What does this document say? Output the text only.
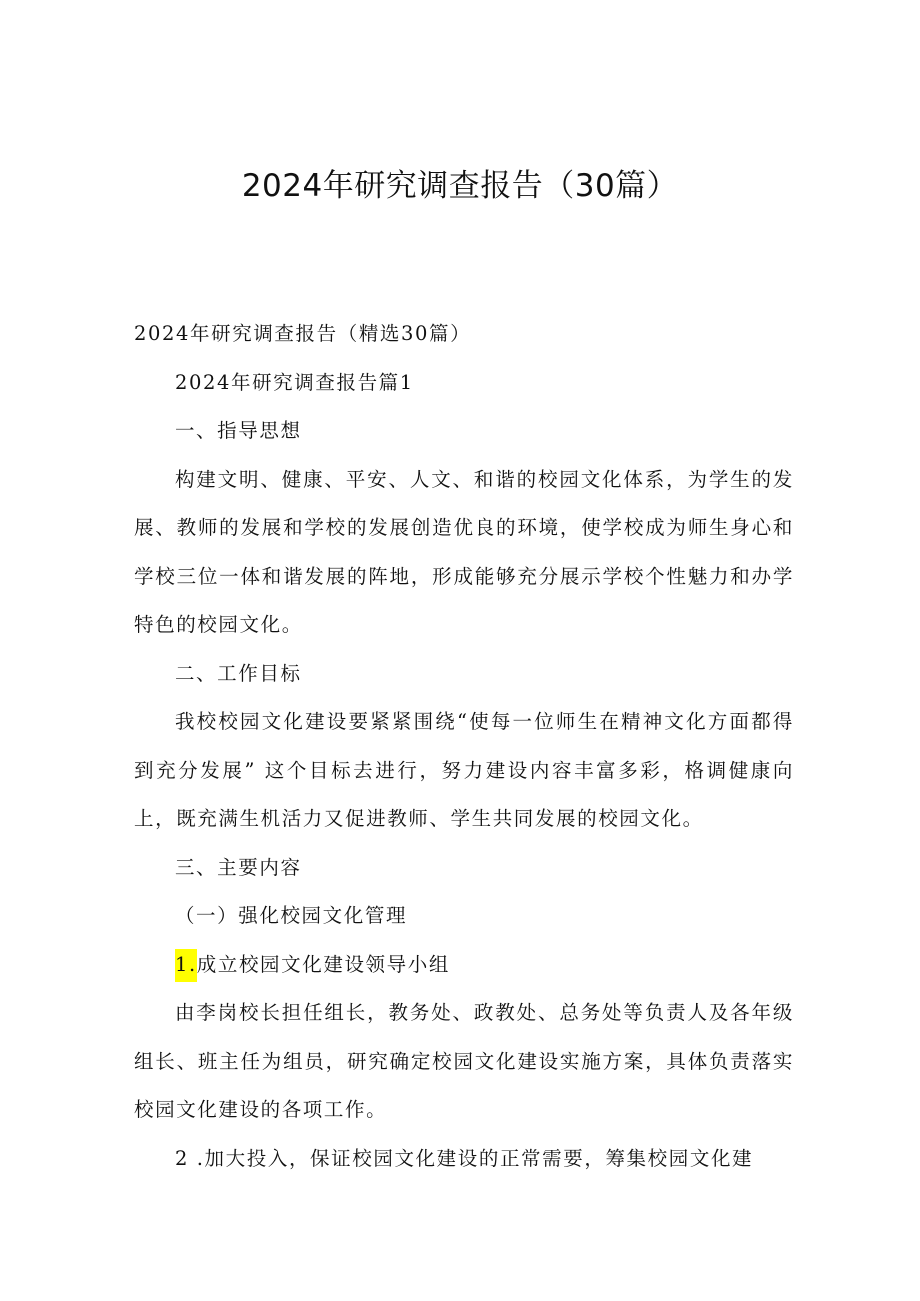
2024年研究调查报告（30篇）

2024年研究调查报告（精选30篇）

2024年研究调查报告篇1

一、指导思想

构建文明、健康、平安、人文、和谐的校园文化体系，为学生的发展、教师的发展和学校的发展创造优良的环境，使学校成为师生身心和学校三位一体和谐发展的阵地，形成能够充分展示学校个性魅力和办学特色的校园文化。

二、工作目标

我校校园文化建设要紧紧围绕“使每一位师生在精神文化方面都得到充分发展” 这个目标去进行，努力建设内容丰富多彩，格调健康向上，既充满生机活力又促进教师、学生共同发展的校园文化。

三、主要内容

（一）强化校园文化管理

1.成立校园文化建设领导小组

由李岗校长担任组长，教务处、政教处、总务处等负责人及各年级组长、班主任为组员，研究确定校园文化建设实施方案，具体负责落实校园文化建设的各项工作。

2 .加大投入，保证校园文化建设的正常需要，筹集校园文化建
